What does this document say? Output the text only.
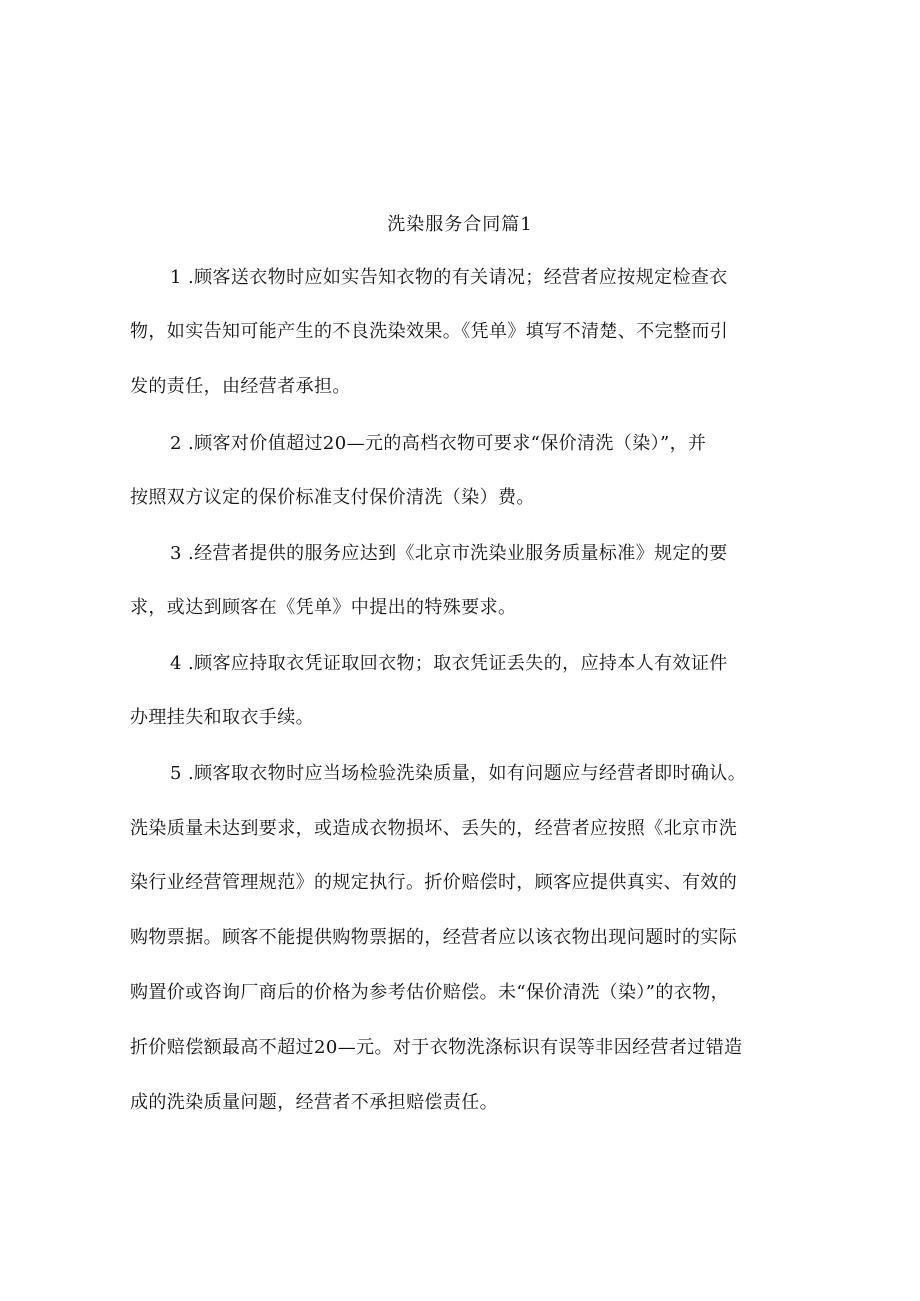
洗染服务合同篇1
1 .顾客送衣物时应如实告知衣物的有关请况；经营者应按规定检查衣
物，如实告知可能产生的不良洗染效果。《凭单》填写不清楚、不完整而引
发的责任，由经营者承担。
2 .顾客对价值超过20—元的高档衣物可要求“保价清洗（染）”，并
按照双方议定的保价标准支付保价清洗（染）费。
3 .经营者提供的服务应达到《北京市洗染业服务质量标准》规定的要
求，或达到顾客在《凭单》中提出的特殊要求。
4 .顾客应持取衣凭证取回衣物；取衣凭证丢失的，应持本人有效证件
办理挂失和取衣手续。
5 .顾客取衣物时应当场检验洗染质量，如有问题应与经营者即时确认。
洗染质量未达到要求，或造成衣物损坏、丢失的，经营者应按照《北京市洗
染行业经营管理规范》的规定执行。折价赔偿时，顾客应提供真实、有效的
购物票据。顾客不能提供购物票据的，经营者应以该衣物出现问题时的实际
购置价或咨询厂商后的价格为参考估价赔偿。未“保价清洗（染）”的衣物，
折价赔偿额最高不超过20—元。对于衣物洗涤标识有误等非因经营者过错造
成的洗染质量问题，经营者不承担赔偿责任。
